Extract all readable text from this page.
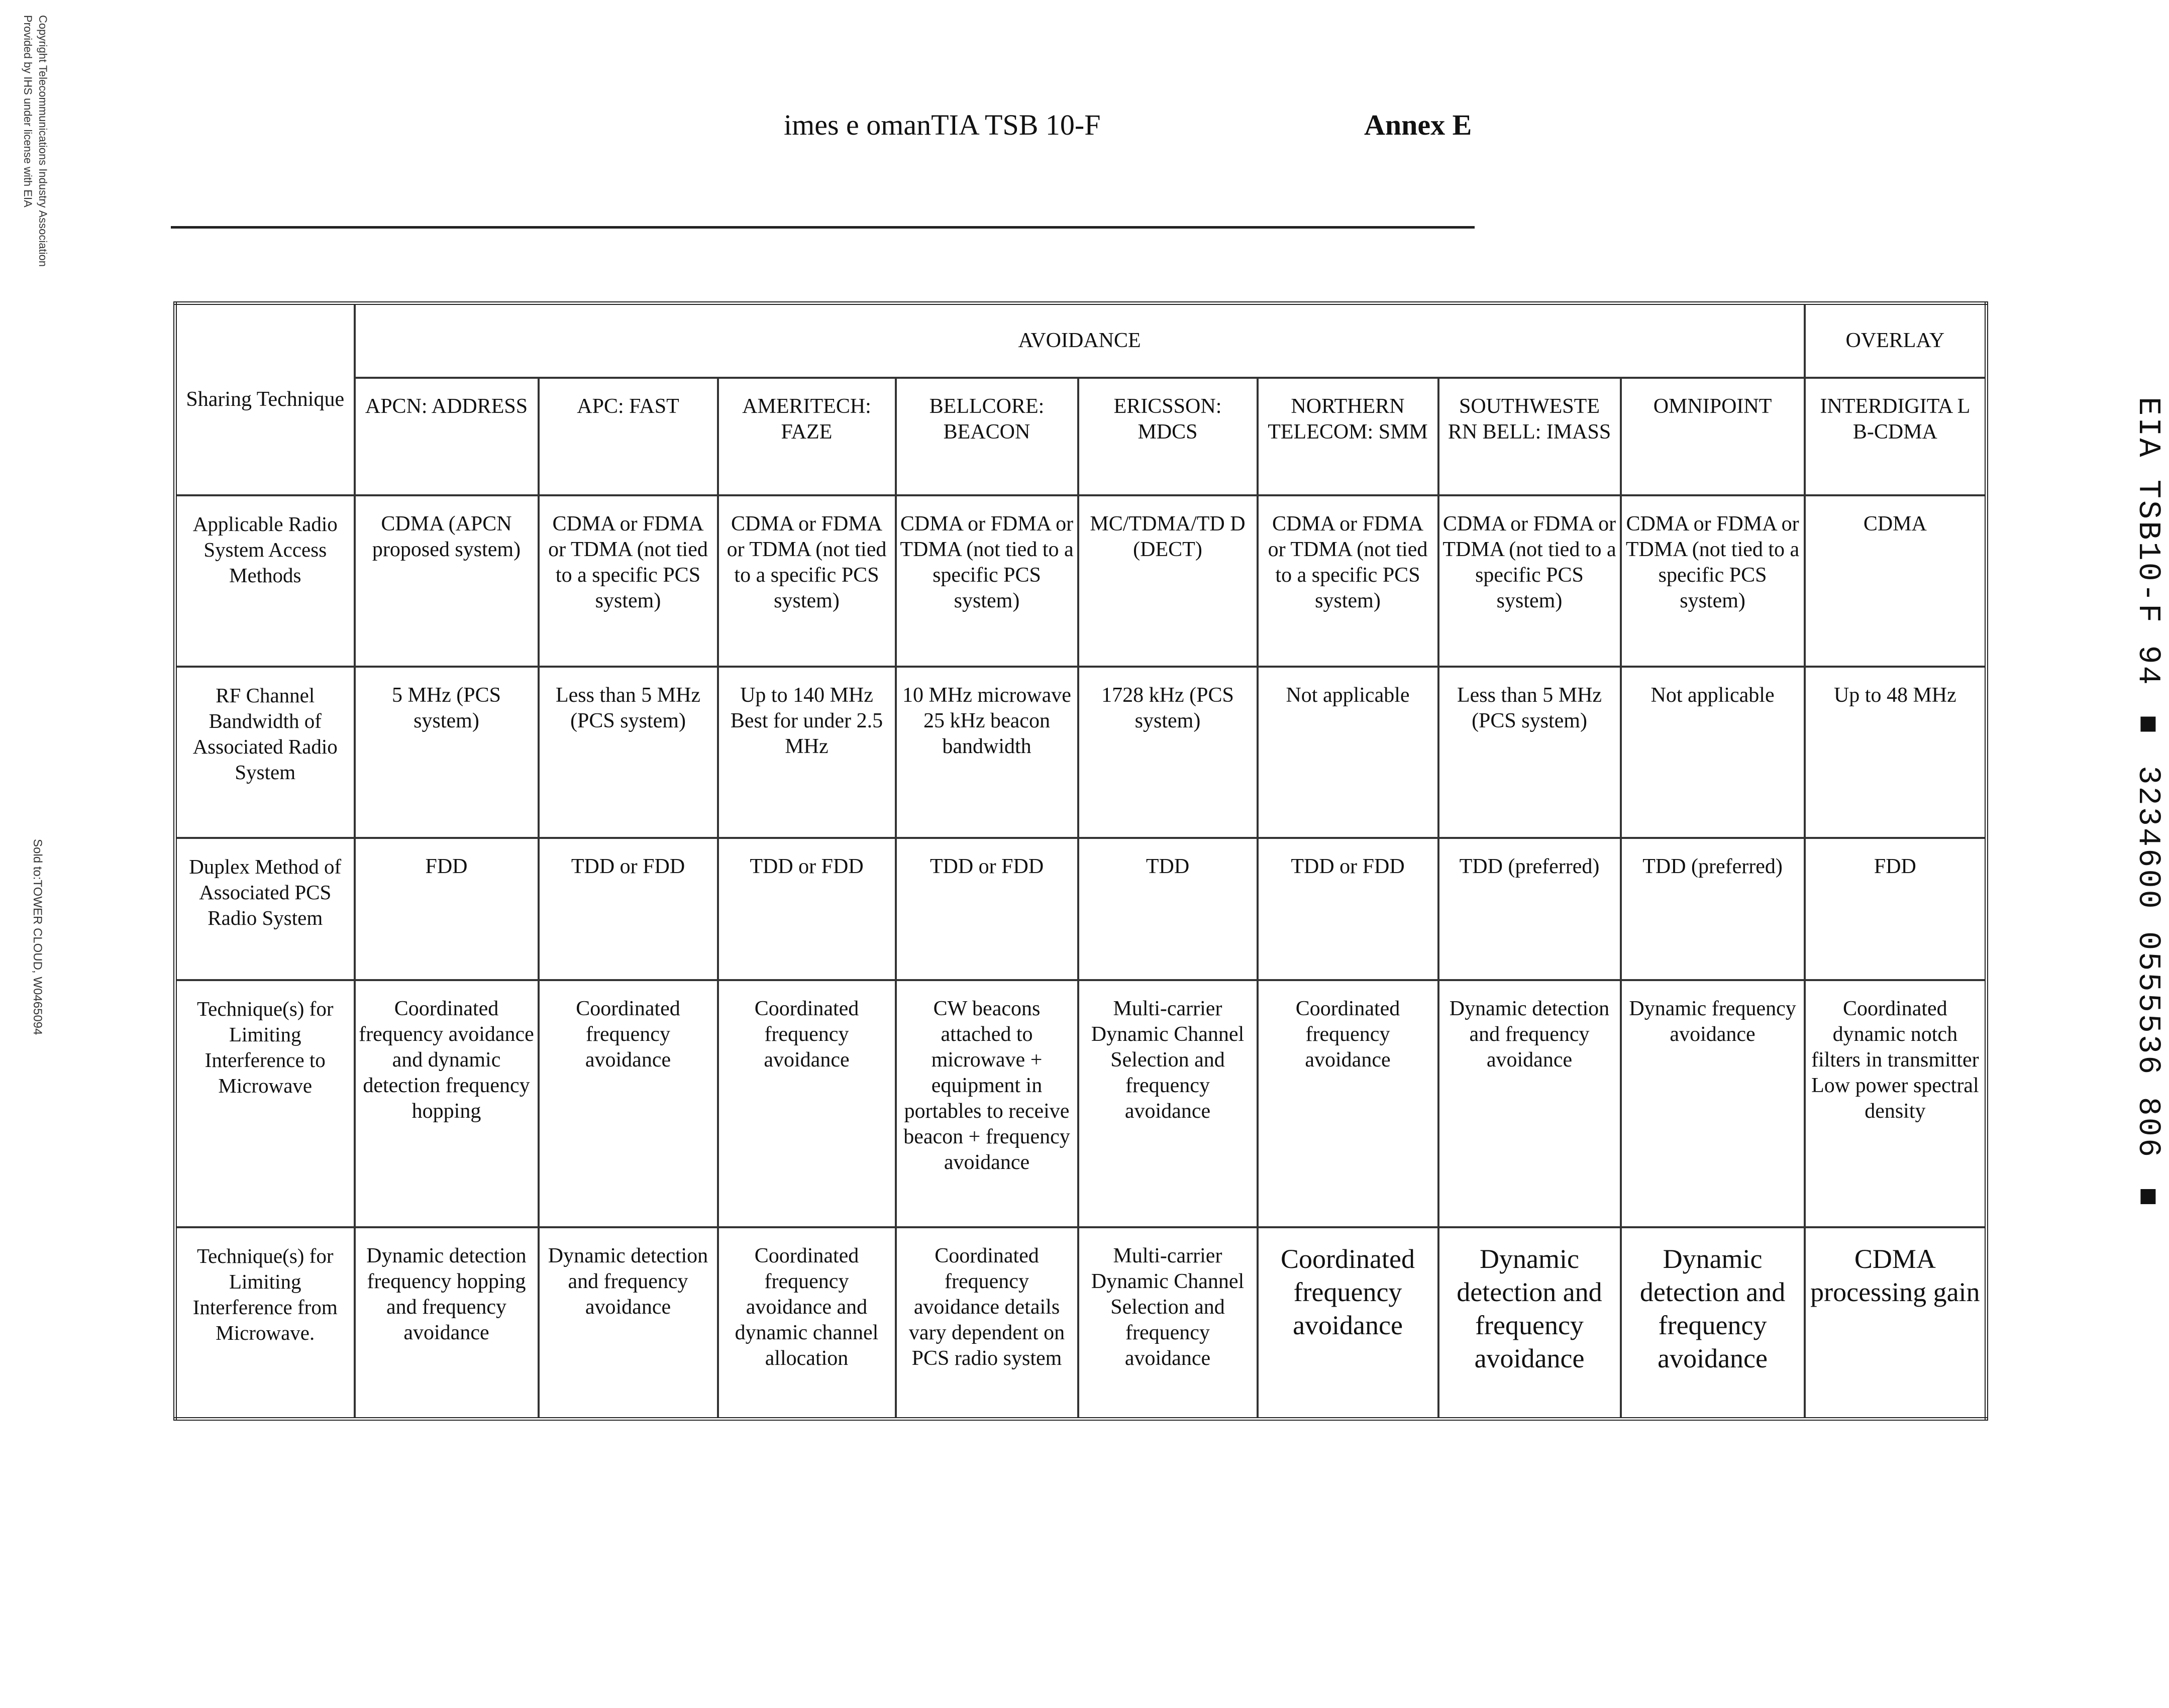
Copyright Telecommunications Industry Association
Provided by IHS under license with EIA
Sold to:TOWER CLOUD, W0465094	EIA TSB10-F 94 ■ 3234600 0555536 806 ■
imes e omanTIA TSB 10-F	Annex E
Sharing Technique	AVOIDANCE								OVERLAY
	APCN: ADDRESS	APC: FAST	AMERITECH: FAZE	BELLCORE: BEACON	ERICSSON: MDCS	NORTHERN TELECOM: SMM	SOUTHWESTE RN BELL: IMASS	OMNIPOINT	INTERDIGITA L B-CDMA
Applicable Radio System Access Methods	CDMA (APCN proposed system)	CDMA or FDMA or TDMA (not tied to a specific PCS system)	CDMA or FDMA or TDMA (not tied to a specific PCS system)	CDMA or FDMA or TDMA (not tied to a specific PCS system)	MC/TDMA/TD D (DECT)	CDMA or FDMA or TDMA (not tied to a specific PCS system)	CDMA or FDMA or TDMA (not tied to a specific PCS system)	CDMA or FDMA or TDMA (not tied to a specific PCS system)	CDMA
RF Channel Bandwidth of Associated Radio System	5 MHz (PCS system)	Less than 5 MHz (PCS system)	Up to 140 MHz Best for under 2.5 MHz	10 MHz microwave 25 kHz beacon bandwidth	1728 kHz (PCS system)	Not applicable	Less than 5 MHz (PCS system)	Not applicable	Up to 48 MHz
Duplex Method of Associated PCS Radio System	FDD	TDD or FDD	TDD or FDD	TDD or FDD	TDD	TDD or FDD	TDD (preferred)	TDD (preferred)	FDD
Technique(s) for Limiting Interference to Microwave	Coordinated frequency avoidance and dynamic detection frequency hopping	Coordinated frequency avoidance	Coordinated frequency avoidance	CW beacons attached to microwave + equipment in portables to receive beacon + frequency avoidance	Multi-carrier Dynamic Channel Selection and frequency avoidance	Coordinated frequency avoidance	Dynamic detection and frequency avoidance	Dynamic frequency avoidance	Coordinated dynamic notch filters in transmitter Low power spectral density
Technique(s) for Limiting Interference from Microwave.	Dynamic detection frequency hopping and frequency avoidance	Dynamic detection and frequency avoidance	Coordinated frequency avoidance and dynamic channel allocation	Coordinated frequency avoidance details vary dependent on PCS radio system	Multi-carrier Dynamic Channel Selection and frequency avoidance	Coordinated frequency avoidance	Dynamic detection and frequency avoidance	Dynamic detection and frequency avoidance	CDMA processing gain
